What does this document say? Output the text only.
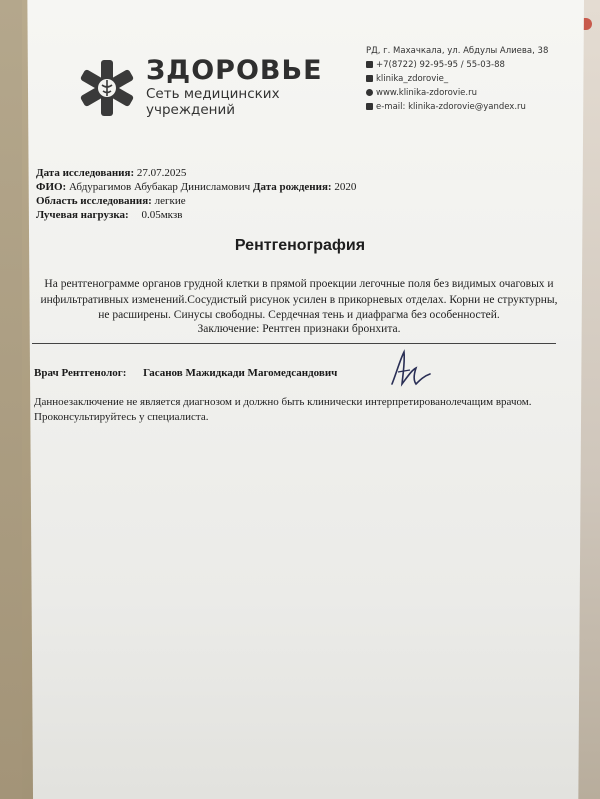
ЗДОРОВЬЕ
Сеть медицинских
учреждений
РД, г. Махачкала, ул. Абдулы Алиева, 38
+7(8722) 92-95-95 / 55-03-88
klinika_zdorovie_
www.klinika-zdorovie.ru
e-mail: klinika-zdorovie@yandex.ru
Дата исследования: 27.07.2025
ФИО: Абдурагимов Абубакар Динисламович Дата рождения: 2020
Область исследования: легкие
Лучевая нагрузка: 0.05мкзв
Рентгенография
На рентгенограмме органов грудной клетки в прямой проекции легочные поля без видимых очаговых и инфильтративных изменений.Сосудистый рисунок усилен в прикорневых отделах. Корни не структурны, не расширены. Синусы свободны. Сердечная тень и диафрагма без особенностей.
Заключение: Рентген признаки бронхита.
Врач Рентгенолог: Гасанов Мажидкади Магомедсандович
Данноезаключение не является диагнозом и должно быть клинически интерпретированолечащим врачом. Проконсультируйтесь у специалиста.
